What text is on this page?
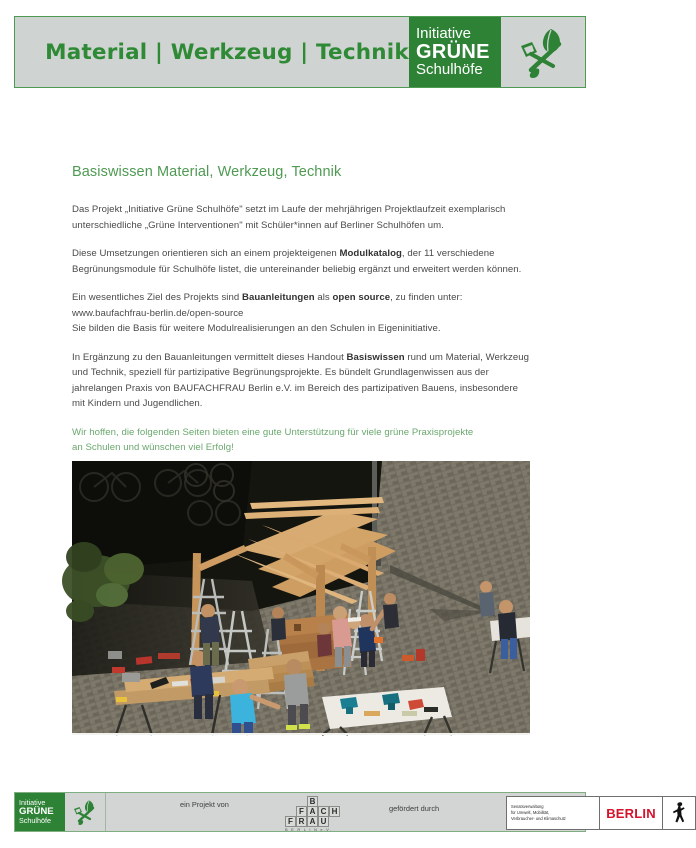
Material | Werkzeug | Technik
Initiative
GRÜNE
Schulhöfe
Basiswissen Material, Werkzeug, Technik

Das Projekt „Initiative Grüne Schulhöfe" setzt im Laufe der mehrjährigen Projektlaufzeit exemplarisch unterschiedliche „Grüne Interventionen" mit Schüler*innen auf Berliner Schulhöfen um.

Diese Umsetzungen orientieren sich an einem projekteigenen Modulkatalog, der 11 verschiedene Begrünungsmodule für Schulhöfe listet, die untereinander beliebig ergänzt und erweitert werden können.

Ein wesentliches Ziel des Projekts sind Bauanleitungen als open source, zu finden unter:
www.baufachfrau-berlin.de/open-source
Sie bilden die Basis für weitere Modulrealisierungen an den Schulen in Eigeninitiative.

In Ergänzung zu den Bauanleitungen vermittelt dieses Handout Basiswissen rund um Material, Werkzeug und Technik, speziell für partizipative Begrünungsprojekte. Es bündelt Grundlagenwissen aus der jahrelangen Praxis von BAUFACHFRAU Berlin e.V. im Bereich des partizipativen Bauens, insbesondere mit Kindern und Jugendlichen.

Wir hoffen, die folgenden Seiten bieten eine gute Unterstützung für viele grüne Praxisprojekte
an Schulen und wünschen viel Erfolg!

Initiative
GRÜNE
Schulhöfe
ein Projekt von	B
F A C H
F R A U
B E R L I N e.V.
gefördert durch	Senatsverwaltung
für Umwelt, Mobilität,
Verbraucher- und Klimaschutz	BERLIN
